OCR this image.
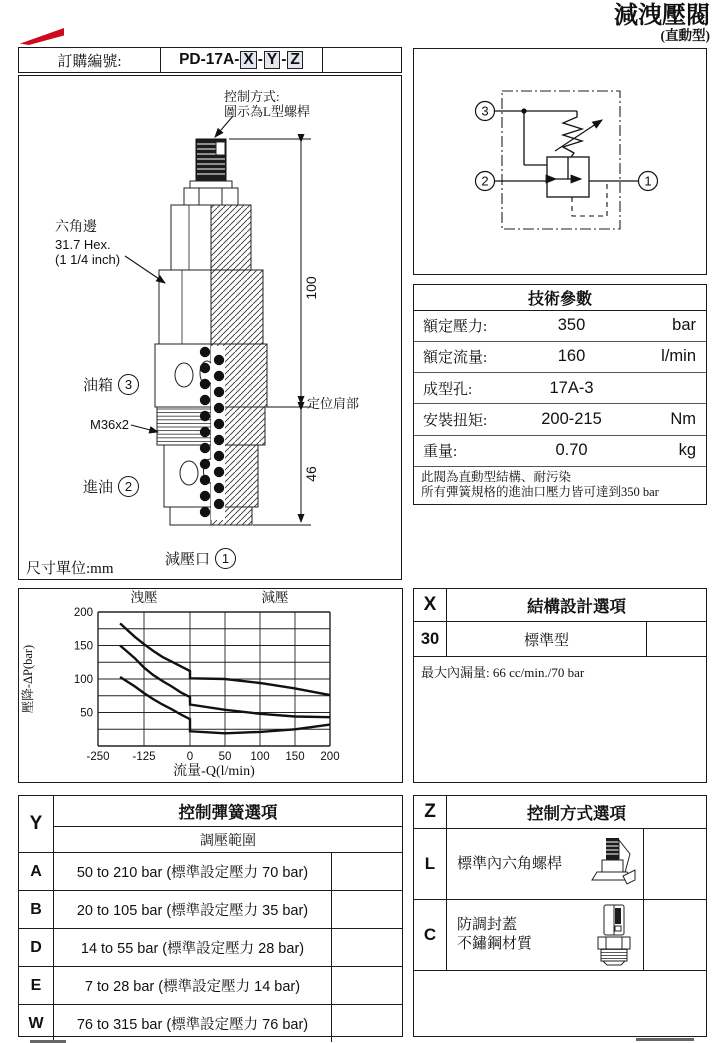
減洩壓閥
(直動型)
訂購編號:	PD-17A- X - Y - Z
100
46
控制方式:
圖示為L型螺桿
六角邊
31.7 Hex.
(1 1/4 inch)
油箱 3
M36x2
進油 2
減壓口 1
定位肩部
尺寸單位:mm
3
2	1
技術參數
額定壓力:	350	bar
額定流量:	160	l/min
成型孔:	17A-3
安裝扭矩:	200-215	Nm
重量:	0.70	kg
此閥為直動型結構、耐污染
所有彈簧規格的進油口壓力皆可達到350 bar
-250 -125	0 50 100 150 200
50
100
150
200
洩壓	減壓
流量-Q(l/min)
壓降-ΔP(bar)
X	結構設計選項
30	標準型
最大內漏量: 66 cc/min./70 bar
Y
控制彈簧選項
調壓範圍
A	50 to 210 bar (標準設定壓力 70 bar)
B	20 to 105 bar (標準設定壓力 35 bar)
D	14 to 55 bar (標準設定壓力 28 bar)
E	7 to 28 bar (標準設定壓力 14 bar)
W	76 to 315 bar (標準設定壓力 76 bar)
Z	控制方式選項
L	標準內六角螺桿
C	防調封蓋
不鏽鋼材質
